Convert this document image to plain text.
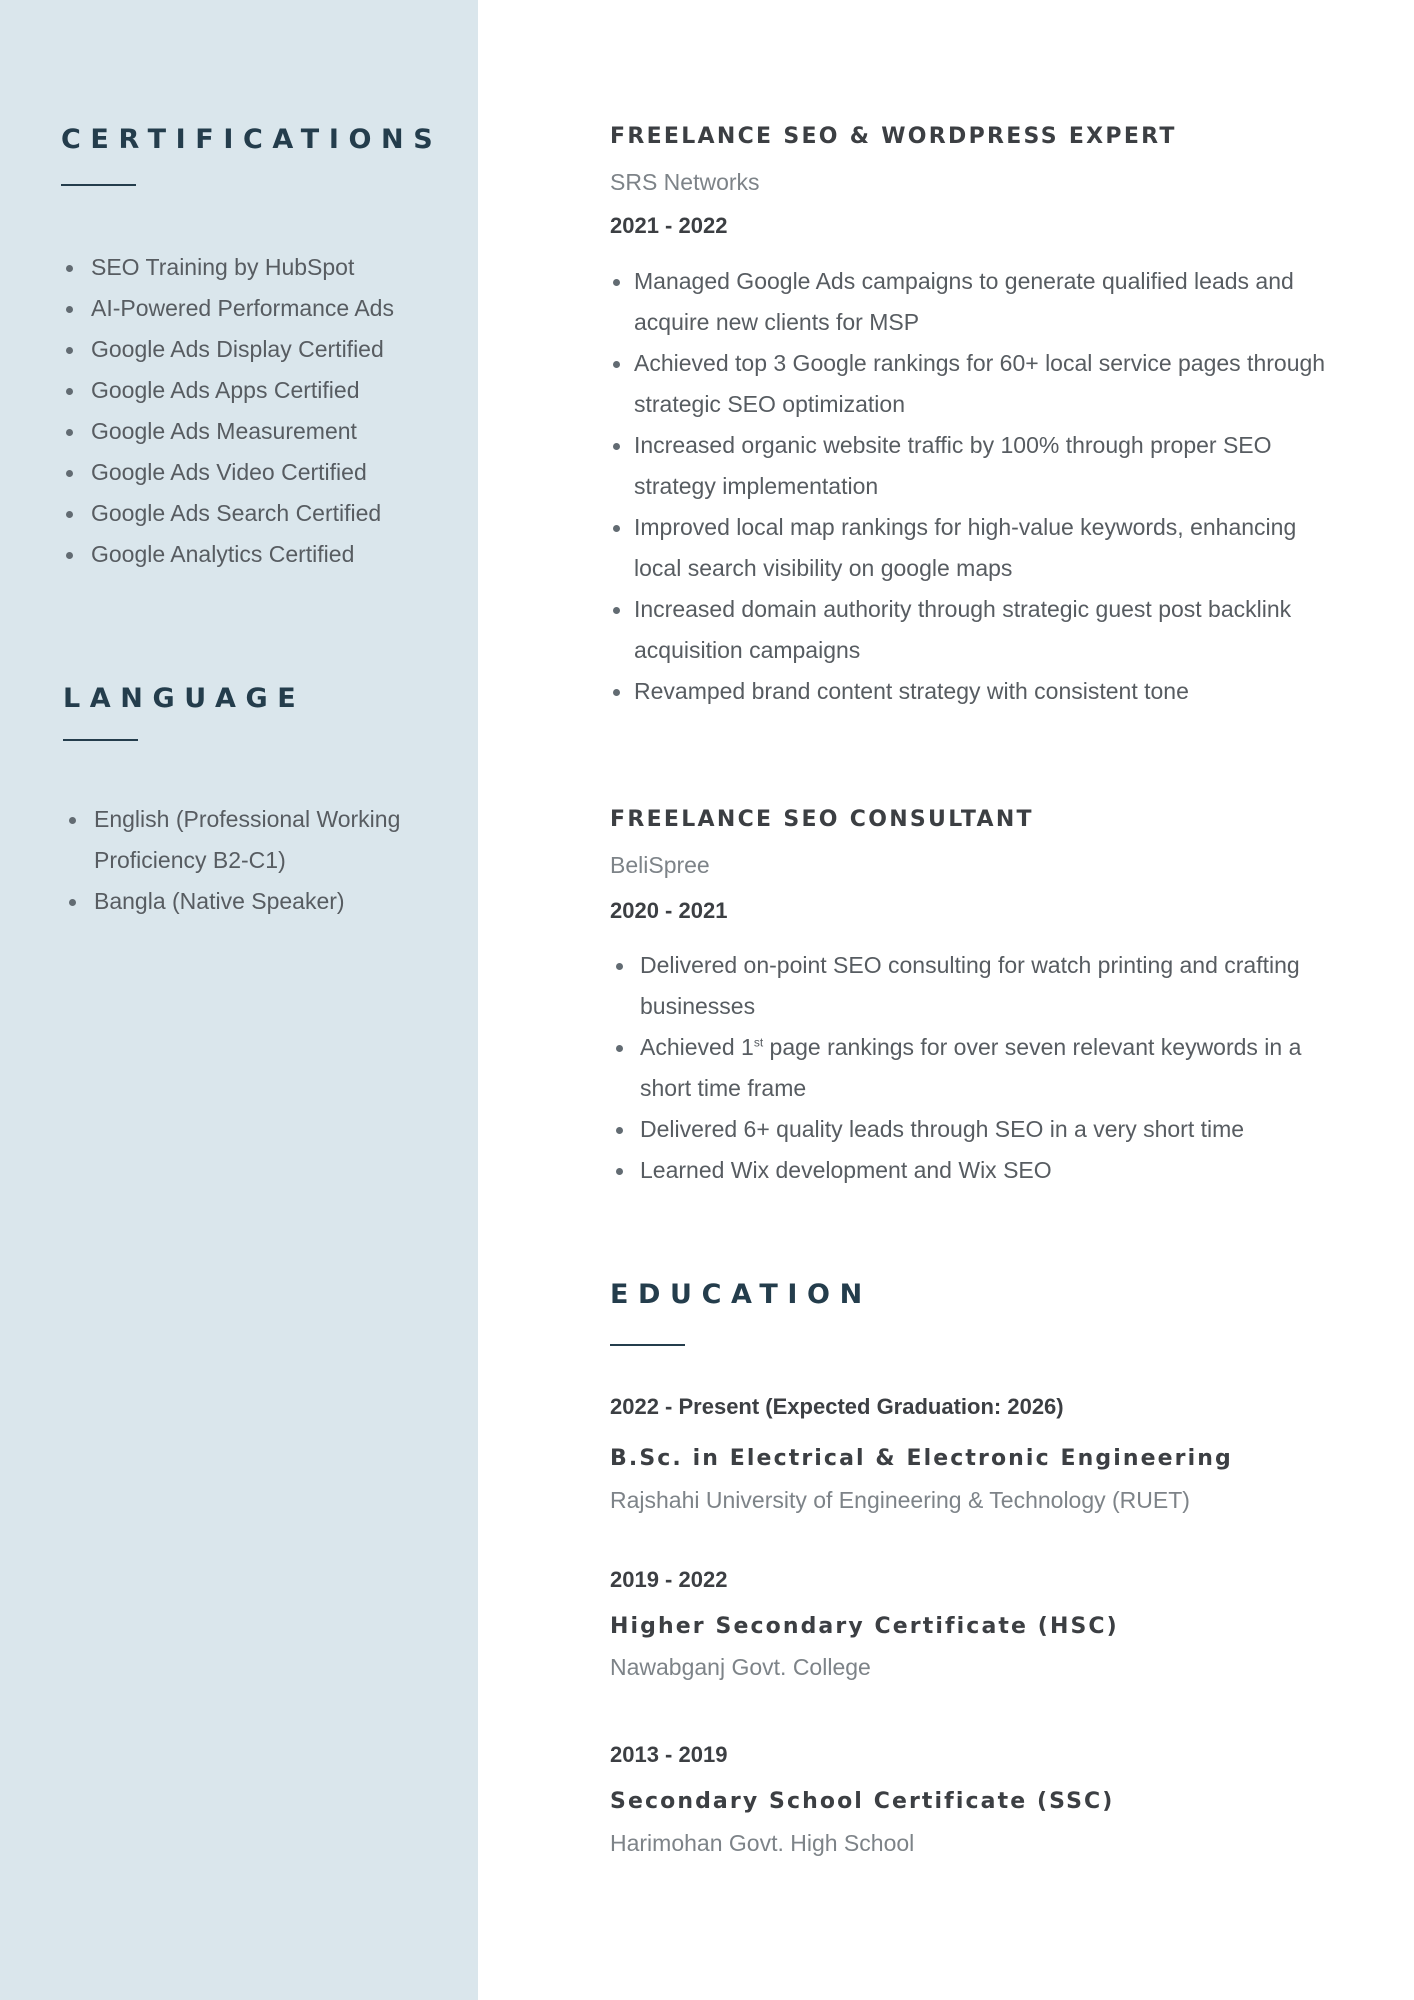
CERTIFICATIONS
SEO Training by HubSpot
AI-Powered Performance Ads
Google Ads Display Certified
Google Ads Apps Certified
Google Ads Measurement
Google Ads Video Certified
Google Ads Search Certified
Google Analytics Certified
LANGUAGE
English (Professional Working Proficiency B2-C1)
Bangla (Native Speaker)
FREELANCE SEO & WORDPRESS EXPERT
SRS Networks
2021 - 2022
Managed Google Ads campaigns to generate qualified leads and acquire new clients for MSP
Achieved top 3 Google rankings for 60+ local service pages through strategic SEO optimization
Increased organic website traffic by 100% through proper SEO strategy implementation
Improved local map rankings for high-value keywords, enhancing local search visibility on google maps
Increased domain authority through strategic guest post backlink acquisition campaigns
Revamped brand content strategy with consistent tone
FREELANCE SEO CONSULTANT
BeliSpree
2020 - 2021
Delivered on-point SEO consulting for watch printing and crafting businesses
Achieved 1st page rankings for over seven relevant keywords in a short time frame
Delivered 6+ quality leads through SEO in a very short time
Learned Wix development and Wix SEO
EDUCATION
2022 - Present (Expected Graduation: 2026)
B.Sc. in Electrical & Electronic Engineering
Rajshahi University of Engineering & Technology (RUET)
2019 - 2022
Higher Secondary Certificate (HSC)
Nawabganj Govt. College
2013 - 2019
Secondary School Certificate (SSC)
Harimohan Govt. High School
